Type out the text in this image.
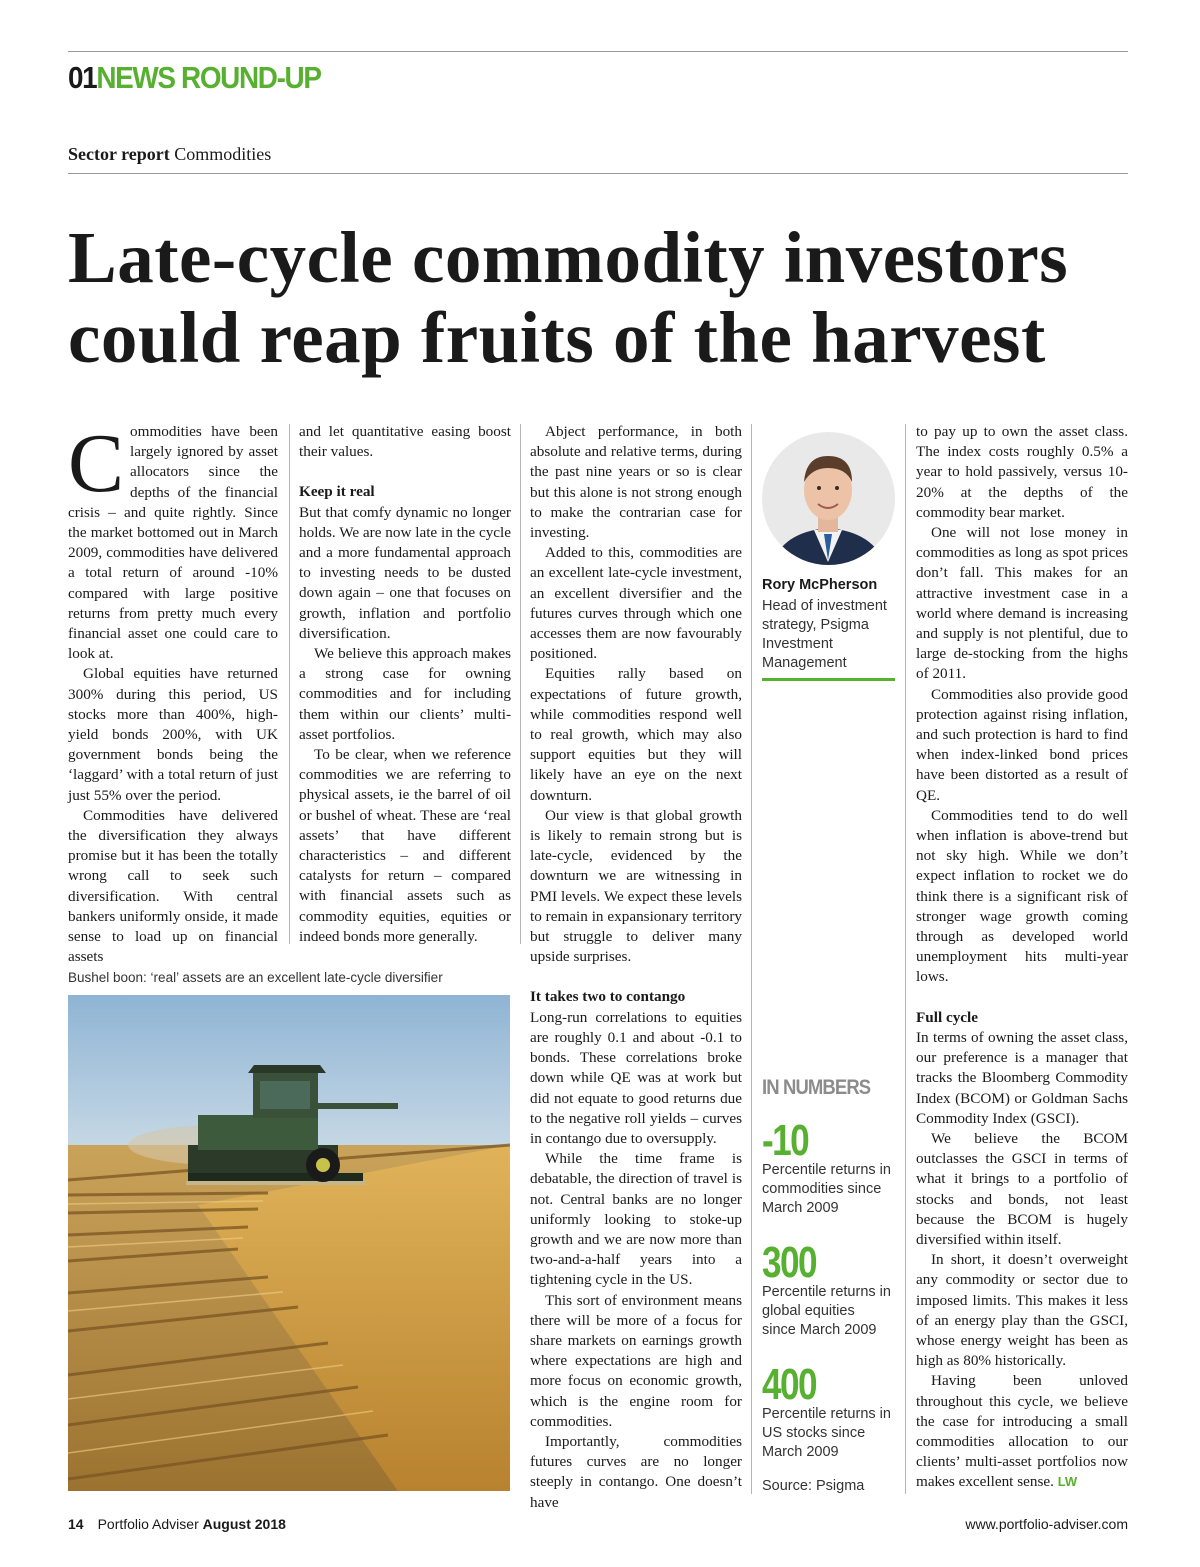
01NEWS ROUND-UP
Sector report Commodities
Late-cycle commodity investors could reap fruits of the harvest

Commodities have been largely ignored by asset allocators since the depths of the financial crisis – and quite rightly. Since the market bottomed out in March 2009, commodities have delivered a total return of around -10% compared with large positive returns from pretty much every financial asset one could care to look at.

Global equities have returned 300% during this period, US stocks more than 400%, high-yield bonds 200%, with UK government bonds being the ‘laggard’ with a total return of just just 55% over the period.

Commodities have delivered the diversification they always promise but it has been the totally wrong call to seek such diversification. With central bankers uniformly onside, it made sense to load up on financial assets

and let quantitative easing boost their values.

Keep it real

But that comfy dynamic no longer holds. We are now late in the cycle and a more fundamental approach to investing needs to be dusted down again – one that focuses on growth, inflation and portfolio diversification.

We believe this approach makes a strong case for owning commodities and for including them within our clients’ multi-asset portfolios.

To be clear, when we reference commodities we are referring to physical assets, ie the barrel of oil or bushel of wheat. These are ‘real assets’ that have different characteristics – and different catalysts for return – compared with financial assets such as commodity equities, equities or indeed bonds more generally.

Abject performance, in both absolute and relative terms, during the past nine years or so is clear but this alone is not strong enough to make the contrarian case for investing.

Added to this, commodities are an excellent late-cycle investment, an excellent diversifier and the futures curves through which one accesses them are now favourably positioned.

Equities rally based on expectations of future growth, while commodities respond well to real growth, which may also support equities but they will likely have an eye on the next downturn.

Our view is that global growth is likely to remain strong but is late-cycle, evidenced by the downturn we are witnessing in PMI levels. We expect these levels to remain in expansionary territory but struggle to deliver many upside surprises.

It takes two to contango

Long-run correlations to equities are roughly 0.1 and about -0.1 to bonds. These correlations broke down while QE was at work but did not equate to good returns due to the negative roll yields – curves in contango due to oversupply.

While the time frame is debatable, the direction of travel is not. Central banks are no longer uniformly looking to stoke-up growth and we are now more than two-and-a-half years into a tightening cycle in the US.

This sort of environment means there will be more of a focus for share markets on earnings growth where expectations are high and more focus on economic growth, which is the engine room for commodities.

Importantly, commodities futures curves are no longer steeply in contango. One doesn’t have

to pay up to own the asset class. The index costs roughly 0.5% a year to hold passively, versus 10-20% at the depths of the commodity bear market.

One will not lose money in commodities as long as spot prices don’t fall. This makes for an attractive investment case in a world where demand is increasing and supply is not plentiful, due to large de-stocking from the highs of 2011.

Commodities also provide good protection against rising inflation, and such protection is hard to find when index-linked bond prices have been distorted as a result of QE.

Commodities tend to do well when inflation is above-trend but not sky high. While we don’t expect inflation to rocket we do think there is a significant risk of stronger wage growth coming through as developed world unemployment hits multi-year lows.

Full cycle

In terms of owning the asset class, our preference is a manager that tracks the Bloomberg Commodity Index (BCOM) or Goldman Sachs Commodity Index (GSCI).

We believe the BCOM outclasses the GSCI in terms of what it brings to a portfolio of stocks and bonds, not least because the BCOM is hugely diversified within itself.

In short, it doesn’t overweight any commodity or sector due to imposed limits. This makes it less of an energy play than the GSCI, whose energy weight has been as high as 80% historically.

Having been unloved throughout this cycle, we believe the case for introducing a small commodities allocation to our clients’ multi-asset portfolios now makes excellent sense. LW

Bushel boon: ‘real’ assets are an excellent late-cycle diversifier
Rory McPherson
Head of investment strategy, Psigma Investment Management
IN NUMBERS
-10
Percentile returns in commodities since March 2009
300
Percentile returns in global equities since March 2009
400
Percentile returns in US stocks since March 2009
Source: Psigma
14 Portfolio Adviser August 2018	www.portfolio-adviser.com
